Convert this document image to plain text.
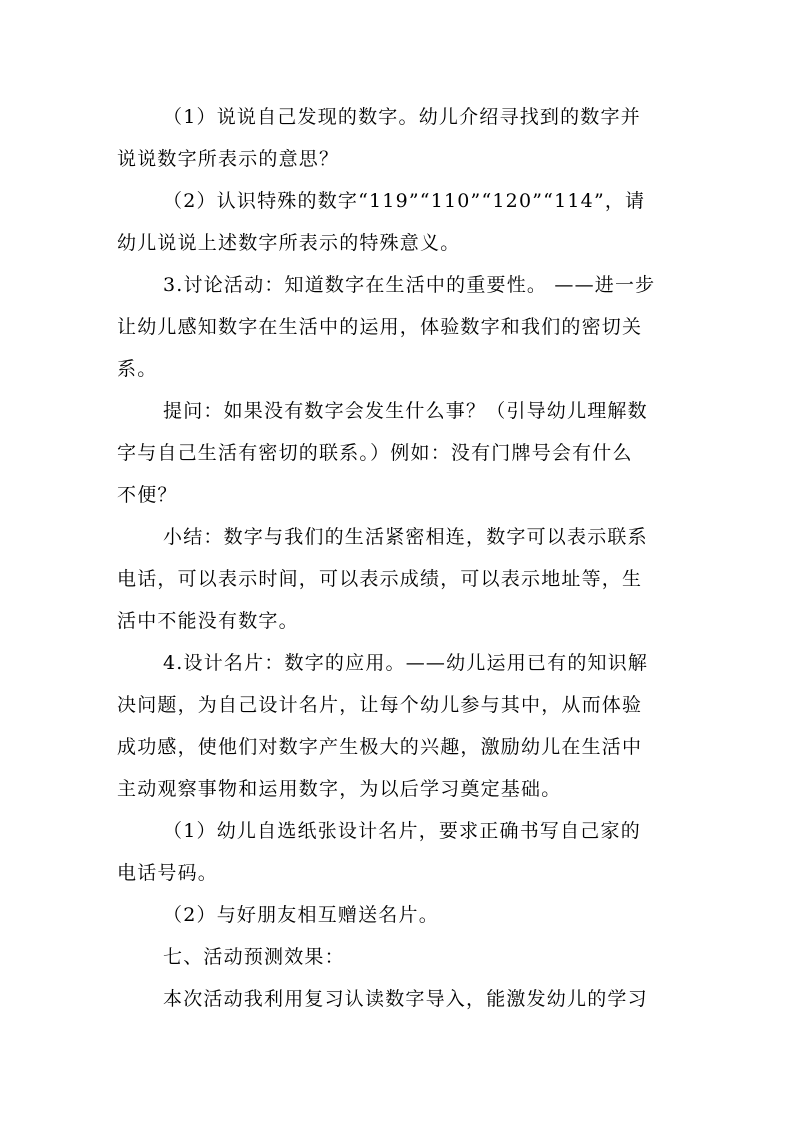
（1）说说自己发现的数字。幼儿介绍寻找到的数字并
说说数字所表示的意思？
（2）认识特殊的数字“119”“110”“120”“114”，请
幼儿说说上述数字所表示的特殊意义。
3.讨论活动：知道数字在生活中的重要性。 ——进一步
让幼儿感知数字在生活中的运用，体验数字和我们的密切关
系。
提问：如果没有数字会发生什么事？（引导幼儿理解数
字与自己生活有密切的联系。）例如：没有门牌号会有什么
不便？
小结：数字与我们的生活紧密相连，数字可以表示联系
电话，可以表示时间，可以表示成绩，可以表示地址等，生
活中不能没有数字。
4.设计名片：数字的应用。——幼儿运用已有的知识解
决问题，为自己设计名片，让每个幼儿参与其中，从而体验
成功感，使他们对数字产生极大的兴趣，激励幼儿在生活中
主动观察事物和运用数字，为以后学习奠定基础。
（1）幼儿自选纸张设计名片，要求正确书写自己家的
电话号码。
（2）与好朋友相互赠送名片。
七、活动预测效果：
本次活动我利用复习认读数字导入，能激发幼儿的学习
